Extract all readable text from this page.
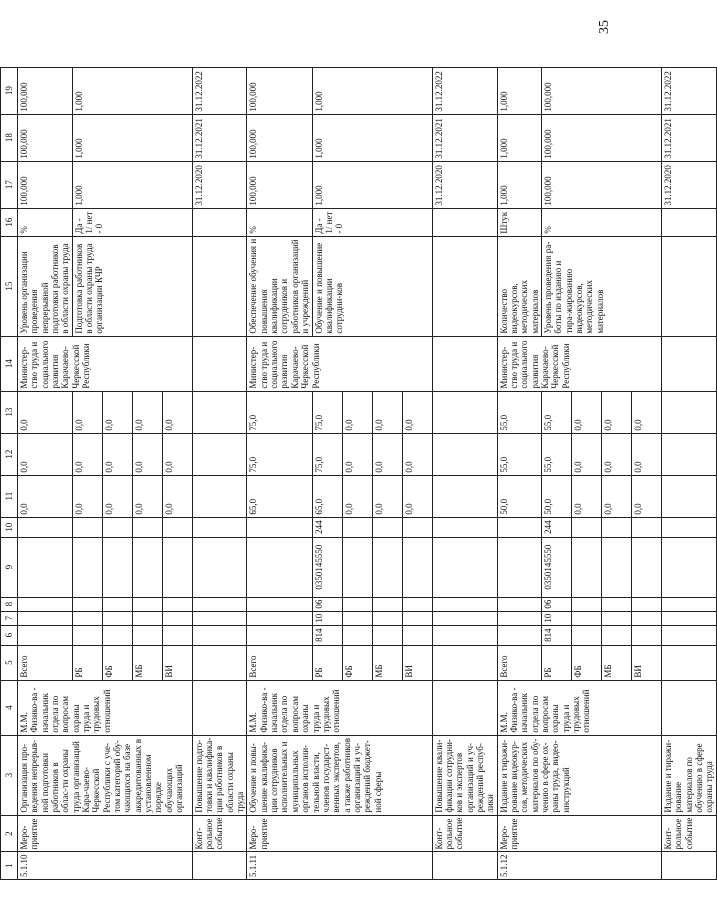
35
1	2	3	4	5	6	7	8	9	10	11	12	13	14	15	16	17	18	19
5.1.10	Меро-приятие	Организация про-ведения непрерыв-ной подготовки работников в облас-ти охраны труда организаций Кара-чаево-Черкесской Республики с уче-том категорий обу-чающихся на базе аккредитованных в установленном порядке обучающих организаций	М.М. Физико-ва - начальник отдела по вопросам охраны труда и трудовых отношений	Всего						0,0	0,0	0,0	Министер-ство труда и социального развития Карачаево-Черкесской Республики	Уровень организации проведения непрерывной подготовки работников в области охраны труда	%	100,000	100,000	100,000
				РБ						0,0	0,0	0,0		Подготовка работников в области охраны труда организации КЧР	Да - 1/ нет - 0	1,000	1,000	1,000
				ФБ						0,0	0,0	0,0						
				МБ						0,0	0,0	0,0						
				ВИ						0,0	0,0	0,0						
	Конт-рольное событие	Повышение подго-товки и квалифика-ции работников в области охраны труда														31.12.2020	31.12.2021	31.12.2022
5.1.11	Меро-приятие	Обучение и повы-шение квалифика-ции сотрудников исполнительных и муниципальных органов исполни-тельной власти, членов государст-венных экспертов, а также работников организаций и уч-реждений бюджет-ной сферы	М.М. Физико-ва - начальник отдела по вопросам охраны труда и трудовых отношений	Всего						65,0	75,0	75,0	Министер-ство труда и социального развития Карачаево-Черкесской Республики	Обеспечение обучения и повышения квалификации сотрудников и работников организаций и учреждений	%	100,000	100,000	100,000
				РБ	814	10	06	0350145550	244	65,0	75,0	75,0		Обучение и повышение квалификации сотрудни-ков	Да - 1/ нет - 0	1,000	1,000	1,000
				ФБ						0,0	0,0	0,0						
				МБ						0,0	0,0	0,0						
				ВИ						0,0	0,0	0,0						
	Конт-рольное событие	Повышение квали-фикации сотрудни-ков и экспертов организаций и уч-реждений респуб-лики														31.12.2020	31.12.2021	31.12.2022
5.1.12	Меро-приятие	Издание и тиражи-рование видеокур-сов, методических материалов по обу-чению в сфере ох-раны труда, видео-инструкций	М.М. Физико-ва - начальник отдела по вопросам охраны труда и трудовых отношений	Всего						50,0	55,0	55,0	Министер-ство труда и социального развития Карачаево-Черкесской Республики	Количество видеокурсов, методических материалов	Штук	1,000	1,000	1,000
				РБ	814	10	06	0350145550	244	50,0	55,0	55,0		Уровень проведения ра-боты по изданию и тира-жированию видеокурсов, методических материалов	%	100,000	100,000	100,000
				ФБ						0,0	0,0	0,0						
				МБ						0,0	0,0	0,0						
				ВИ						0,0	0,0	0,0						
	Конт-рольное событие	Издание и тиражи-рование материалов по обучению в сфере охраны труда														31.12.2020	31.12.2021	31.12.2022
